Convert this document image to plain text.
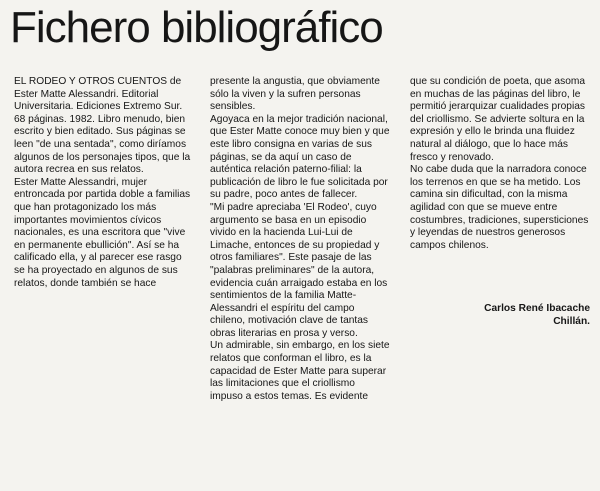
Fichero bibliográfico

EL RODEO Y OTROS CUENTOS de Ester Matte Alessandri. Editorial Universitaria. Ediciones Extremo Sur. 68 páginas. 1982. Libro menudo, bien escrito y bien editado. Sus páginas se leen "de una sentada", como diríamos algunos de los personajes tipos, que la autora recrea en sus relatos.

Ester Matte Alessandri, mujer entroncada por partida doble a familias que han protagonizado los más importantes movimientos cívicos nacionales, es una escritora que "vive en permanente ebullición". Así se ha calificado ella, y al parecer ese rasgo se ha proyectado en algunos de sus relatos, donde también se hace

presente la angustia, que obviamente sólo la viven y la sufren personas sensibles.

Agoyaca en la mejor tradición nacional, que Ester Matte conoce muy bien y que este libro consigna en varias de sus páginas, se da aquí un caso de auténtica relación paterno-filial: la publicación de libro le fue solicitada por su padre, poco antes de fallecer.

"Mi padre apreciaba 'El Rodeo', cuyo argumento se basa en un episodio vivido en la hacienda Lui-Lui de Limache, entonces de su propiedad y otros familiares". Este pasaje de las "palabras preliminares" de la autora, evidencia cuán arraigado estaba en los sentimientos de la familia Matte-Alessandri el espíritu del campo chileno, motivación clave de tantas obras literarias en prosa y verso.

Un admirable, sin embargo, en los siete relatos que conforman el libro, es la capacidad de Ester Matte para superar las limitaciones que el criollismo impuso a estos temas. Es evidente

que su condición de poeta, que asoma en muchas de las páginas del libro, le permitió jerarquizar cualidades propias del criollismo. Se advierte soltura en la expresión y ello le brinda una fluidez natural al diálogo, que lo hace más fresco y renovado.

No cabe duda que la narradora conoce los terrenos en que se ha metido. Los camina sin dificultad, con la misma agilidad con que se mueve entre costumbres, tradiciones, supersticiones y leyendas de nuestros generosos campos chilenos.

Carlos René Ibacache
Chillán.
